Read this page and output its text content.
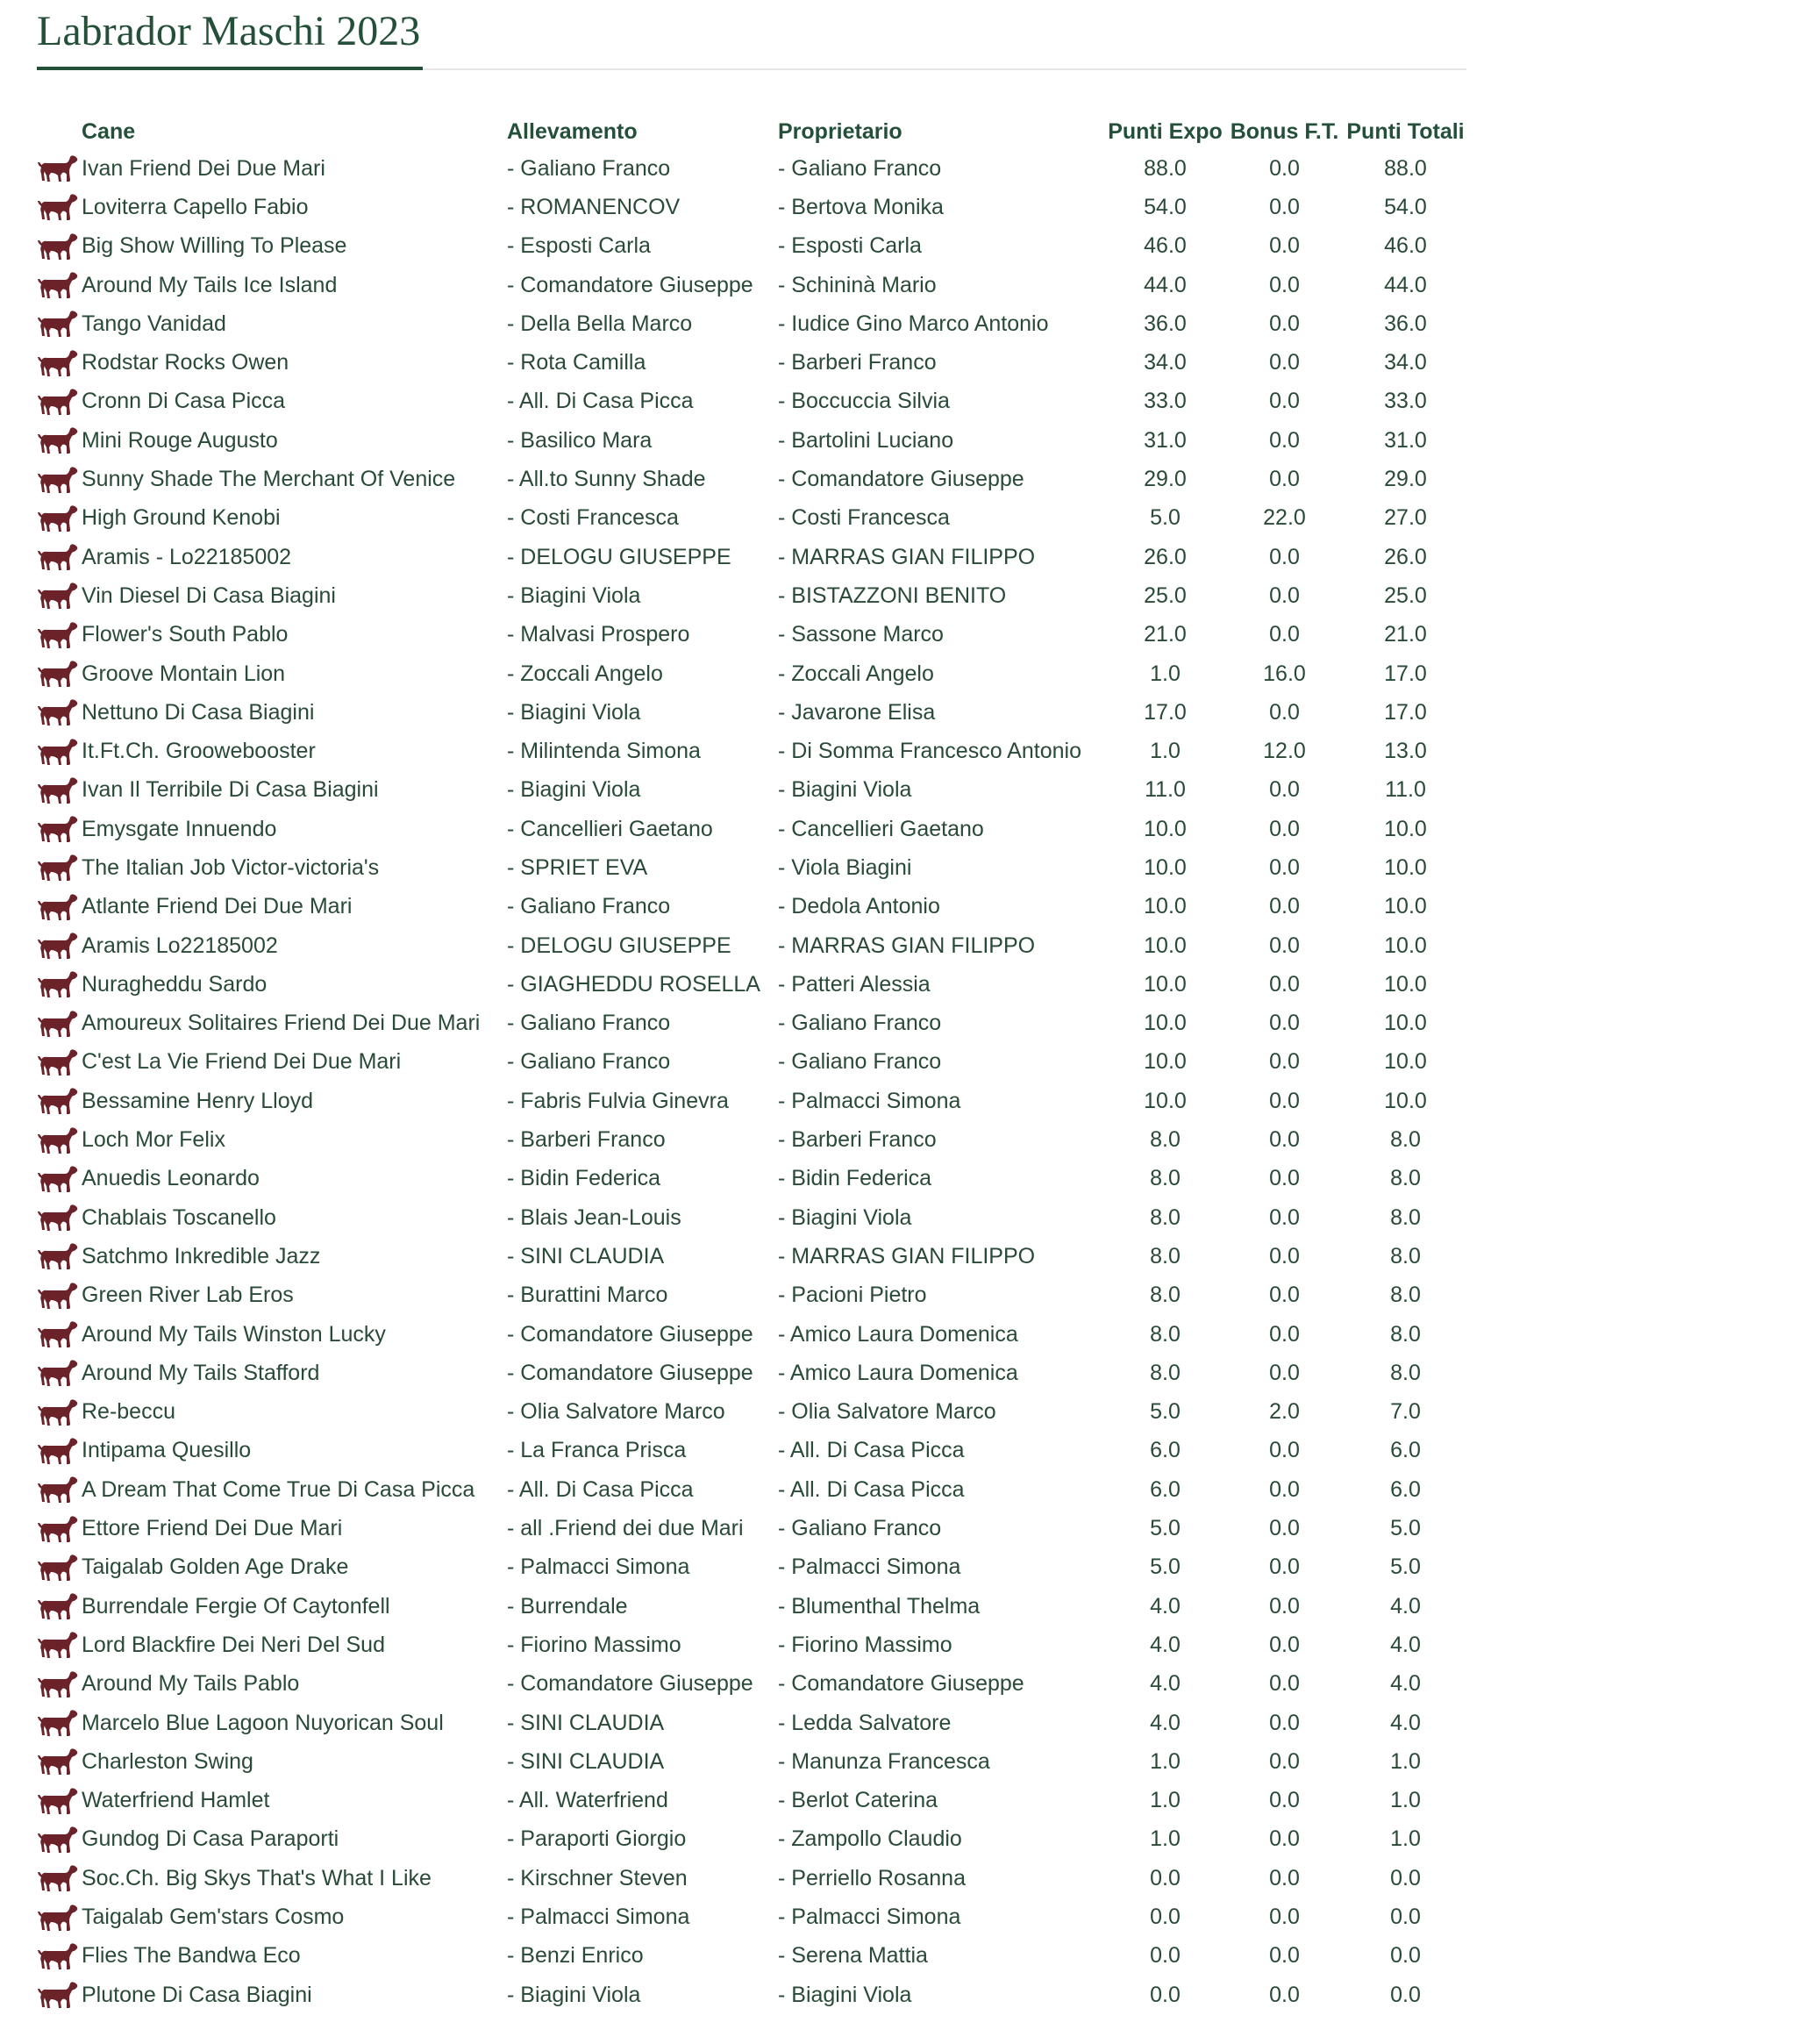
Labrador Maschi 2023
	Cane	Allevamento	Proprietario	Punti Expo	Bonus F.T.	Punti Totali

	Ivan Friend Dei Due Mari	- Galiano Franco	- Galiano Franco	88.0	0.0	88.0

	Loviterra Capello Fabio	- ROMANENCOV	- Bertova Monika	54.0	0.0	54.0

	Big Show Willing To Please	- Esposti Carla	- Esposti Carla	46.0	0.0	46.0

	Around My Tails Ice Island	- Comandatore Giuseppe	- Schininà Mario	44.0	0.0	44.0

	Tango Vanidad	- Della Bella Marco	- Iudice Gino Marco Antonio	36.0	0.0	36.0

	Rodstar Rocks Owen	- Rota Camilla	- Barberi Franco	34.0	0.0	34.0

	Cronn Di Casa Picca	- All. Di Casa Picca	- Boccuccia Silvia	33.0	0.0	33.0

	Mini Rouge Augusto	- Basilico Mara	- Bartolini Luciano	31.0	0.0	31.0

	Sunny Shade The Merchant Of Venice	- All.to Sunny Shade	- Comandatore Giuseppe	29.0	0.0	29.0

	High Ground Kenobi	- Costi Francesca	- Costi Francesca	5.0	22.0	27.0

	Aramis - Lo22185002	- DELOGU GIUSEPPE	- MARRAS GIAN FILIPPO	26.0	0.0	26.0

	Vin Diesel Di Casa Biagini	- Biagini Viola	- BISTAZZONI BENITO	25.0	0.0	25.0

	Flower's South Pablo	- Malvasi Prospero	- Sassone Marco	21.0	0.0	21.0

	Groove Montain Lion	- Zoccali Angelo	- Zoccali Angelo	1.0	16.0	17.0

	Nettuno Di Casa Biagini	- Biagini Viola	- Javarone Elisa	17.0	0.0	17.0

	It.Ft.Ch. Grooweboostеr	- Milintenda Simona	- Di Somma Francesco Antonio	1.0	12.0	13.0

	Ivan Il Terribile Di Casa Biagini	- Biagini Viola	- Biagini Viola	11.0	0.0	11.0

	Emysgate Innuendo	- Cancellieri Gaetano	- Cancellieri Gaetano	10.0	0.0	10.0

	The Italian Job Victor-victoria's	- SPRIET EVA	- Viola Biagini	10.0	0.0	10.0

	Atlante Friend Dei Due Mari	- Galiano Franco	- Dedola Antonio	10.0	0.0	10.0

	Aramis Lo22185002	- DELOGU GIUSEPPE	- MARRAS GIAN FILIPPO	10.0	0.0	10.0

	Nuragheddu Sardo	- GIAGHEDDU ROSELLA	- Patteri Alessia	10.0	0.0	10.0

	Amoureux Solitaires Friend Dei Due Mari	- Galiano Franco	- Galiano Franco	10.0	0.0	10.0

	C'est La Vie Friend Dei Due Mari	- Galiano Franco	- Galiano Franco	10.0	0.0	10.0

	Bessamine Henry Lloyd	- Fabris Fulvia Ginevra	- Palmacci Simona	10.0	0.0	10.0

	Loch Mor Felix	- Barberi Franco	- Barberi Franco	8.0	0.0	8.0

	Anuedis Leonardo	- Bidin Federica	- Bidin Federica	8.0	0.0	8.0

	Chablais Toscanello	- Blais Jean-Louis	- Biagini Viola	8.0	0.0	8.0

	Satchmo Inkredible Jazz	- SINI CLAUDIA	- MARRAS GIAN FILIPPO	8.0	0.0	8.0

	Green River Lab Eros	- Burattini Marco	- Pacioni Pietro	8.0	0.0	8.0

	Around My Tails Winston Lucky	- Comandatore Giuseppe	- Amico Laura Domenica	8.0	0.0	8.0

	Around My Tails Stafford	- Comandatore Giuseppe	- Amico Laura Domenica	8.0	0.0	8.0

	Re-beccu	- Olia Salvatore Marco	- Olia Salvatore Marco	5.0	2.0	7.0

	Intipama Quesillo	- La Franca Prisca	- All. Di Casa Picca	6.0	0.0	6.0

	A Dream That Come True Di Casa Picca	- All. Di Casa Picca	- All. Di Casa Picca	6.0	0.0	6.0

	Ettore Friend Dei Due Mari	- all .Friend dei due Mari	- Galiano Franco	5.0	0.0	5.0

	Taigalab Golden Age Drake	- Palmacci Simona	- Palmacci Simona	5.0	0.0	5.0

	Burrendale Fergie Of Caytonfell	- Burrendale	- Blumenthal Thelma	4.0	0.0	4.0

	Lord Blackfire Dei Neri Del Sud	- Fiorino Massimo	- Fiorino Massimo	4.0	0.0	4.0

	Around My Tails Pablo	- Comandatore Giuseppe	- Comandatore Giuseppe	4.0	0.0	4.0

	Marcelo Blue Lagoon Nuyorican Soul	- SINI CLAUDIA	- Ledda Salvatore	4.0	0.0	4.0

	Charleston Swing	- SINI CLAUDIA	- Manunza Francesca	1.0	0.0	1.0

	Waterfriend Hamlet	- All. Waterfriend	- Berlot Caterina	1.0	0.0	1.0

	Gundog Di Casa Paraporti	- Paraporti Giorgio	- Zampollo Claudio	1.0	0.0	1.0

	Soc.Ch. Big Skys That's What I Like	- Kirschner Steven	- Perriello Rosanna	0.0	0.0	0.0

	Taigalab Gem'stars Cosmo	- Palmacci Simona	- Palmacci Simona	0.0	0.0	0.0

	Flies The Bandwa Eco	- Benzi Enrico	- Serena Mattia	0.0	0.0	0.0

	Plutone Di Casa Biagini	- Biagini Viola	- Biagini Viola	0.0	0.0	0.0
